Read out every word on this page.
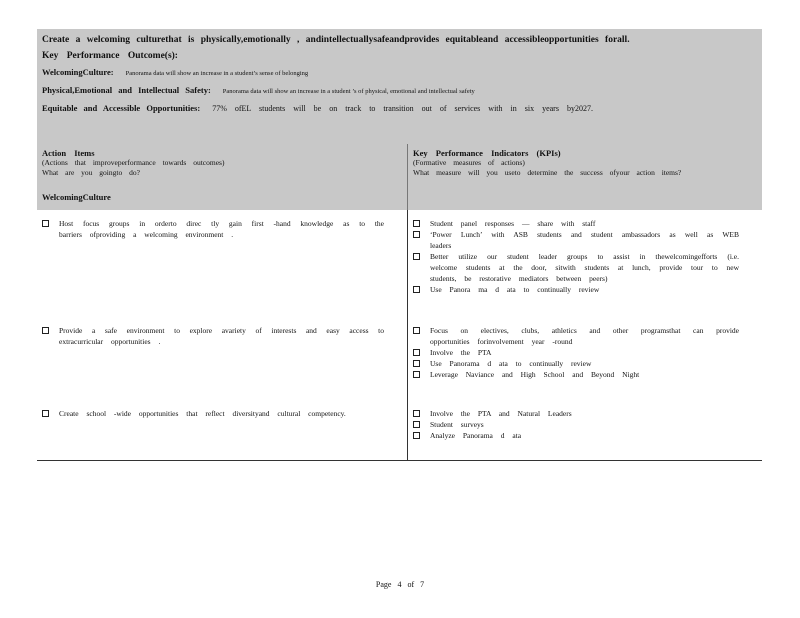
Create a welcoming culturethat is physically,emotionally , andintellectuallysafeandprovides equitableand accessibleopportunities forall.
Key Performance Outcome(s):
WelcomingCulture: Panorama data will show an increase in a student’s sense of belonging
Physical,Emotional and Intellectual Safety: Panorama data will show an increase in a student ’s of physical, emotional and intellectual safety
Equitable and Accessible Opportunities: 77% ofEL students will be on track to transition out of services with in six years by2027.
Action Items
(Actions that improveperformance towards outcomes)
What are you goingto do?
Key Performance Indicators (KPIs)
(Formative measures of actions)
What measure will you useto determine the success ofyour action items?
WelcomingCulture
Host focus groups in orderto direc tly gain first -hand knowledge as to the barriers ofproviding a welcoming environment .
Student panel responses — share with staff
‘Power Lunch’ with ASB students and student ambassadors as well as WEB leaders
Better utilize our student leader groups to assist in thewelcomingefforts (i.e. welcome students at the door, sitwith students at lunch, provide tour to new students, be restorative mediators between peers)
Use Panora ma d ata to continually review
Provide a safe environment to explore avariety of interests and easy access to extracurricular opportunities .
Focus on electives, clubs, athletics and other programsthat can provide opportunities forinvolvement year -round
Involve the PTA
Use Panorama d ata to continually review
Leverage Naviance and High School and Beyond Night
Create school -wide opportunities that reflect diversityand cultural competency.	Involve the PTA and Natural Leaders
Student surveys
Analyze Panorama d ata
Page 4 of 7
